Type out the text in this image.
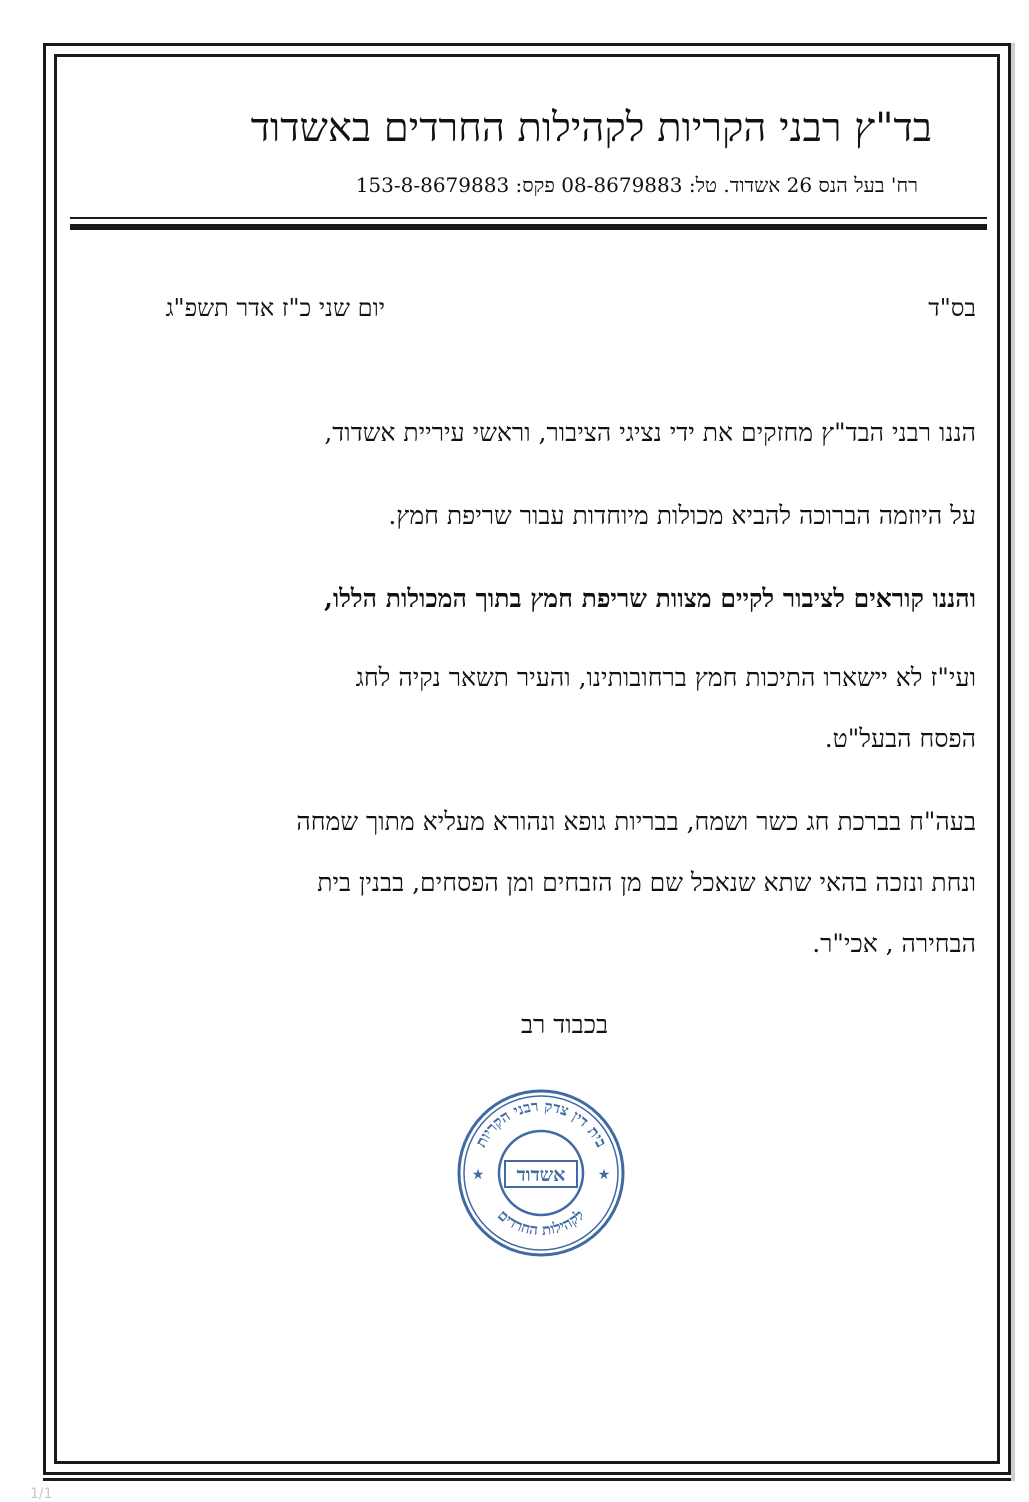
בד"ץ רבני הקריות לקהילות החרדים באשדוד
רח' בעל הנס 26 אשדוד. טל: 08-8679883 פקס: 153-8-8679883
בס"ד
יום שני כ"ז אדר תשפ"ג
הננו רבני הבד"ץ מחזקים את ידי נציגי הציבור, וראשי עיריית אשדוד,
על היוזמה הברוכה להביא מכולות מיוחדות עבור שריפת חמץ.
והננו קוראים לציבור לקיים מצוות שריפת חמץ בתוך המכולות הללו,
ועי"ז לא יישארו התיכות חמץ ברחובותינו, והעיר תשאר נקיה לחג
הפסח הבעל"ט.
בעה"ח בברכת חג כשר ושמח, בבריות גופא ונהורא מעליא מתוך שמחה
ונחת ונזכה בהאי שתא שנאכל שם מן הזבחים ומן הפסחים, בבנין בית
הבחירה , אכי"ר.
בכבוד רב
בית דין צדק רבני הקריות
לקהילות החרדים
אשדוד
★	★
1/1
